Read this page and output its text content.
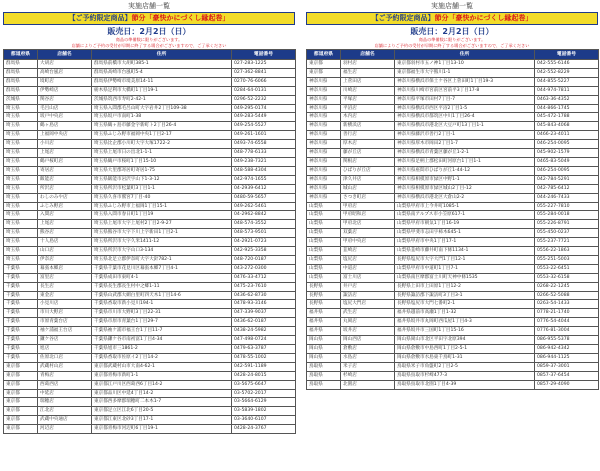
実施店舗一覧
【ご予約限定商品】節分「豪快かにづくし縁起巻」
販売日：2月2日（日）
商品の準備数に限りがございます。
店舗によりご予約の受付が早期に終了する場合がございますので、ご了承ください
都道府県	店舗名	住所	電話番号
群馬県	大胡店	群馬県前橋市大胡町385-1	027-283-1225
群馬県	高崎台風店	群馬県高崎市台風町5-4	027-362-8841
群馬県	境町店	群馬県伊勢崎市境美原14-11	0270-76-6066
群馬県	伊勢崎店	栃木県足利市大橋町1丁目19-1	0284-64-0131
茨城県	関谷店	茨城県筑西市寿町2-42-1	0296-52-2232
埼玉県	毛呂山店	埼玉県入間郡毛呂山町大字岩井2丁目109-38	049-295-0174
埼玉県	坂戸中央店	埼玉県坂戸市南町1-38	049-283-5449
埼玉県	鶴ヶ島店	埼玉県鶴ヶ島市藤金字新町ト2丁目26-4	049-254-5527
埼玉県	上福岡中央店	埼玉県ふじみ野市福岡中央1丁目2-17	049-261-1601
埼玉県	小川店	埼玉県比企郡小川町大字大塚1722-2	0493-74-6558
埼玉県	上尾店	埼玉県上尾市日の出北1-1-1	048-778-6133
埼玉県	鶴戸桜町店	埼玉県鶴戸市桜町1丁目15-10	049-238-7321
埼玉県	寄居店	埼玉県大里郡寄居町寄居1-75	048-588-4304
埼玉県	飯能店	埼玉県飯能市岩沢字山下1-3-12	042-974-1655
埼玉県	所沢店	埼玉県所沢市松葉町3丁目1-1	04-2939-6412
埼玉県	わしのみや店	埼玉県久喜市鷲宮7丁目-40	0480-59-5657
埼玉県	ふじみ野店	埼玉県ふじみ野市上福岡1丁目15-1	049-262-5461
埼玉県	入間店	埼玉県入間市春日町1丁目19	04-2962-8842
埼玉県	上尾店	埼玉県上尾市大字上尾村2丁目2-9-27	048-574-3552
埼玉県	熊谷店	埼玉県熊谷市大字下川上字新田1丁目2-1	048-573-9501
埼玉県	十人島店	埼玉県所沢市大字久米1411-12	04-2921-0723
埼玉県	山口店	埼玉県所沢市大字山口3-134	042-925-3358
埼玉県	伊奈店	埼玉県北足立郡伊奈町大字大針782-1	048-720-0187
千葉県	幕張本郷店	千葉県千葉市花見川区幕張本郷7丁目4-1	043-272-0300
千葉県	富里店	千葉県成田市東町4-1	0476-33-4712
千葉県	長生店	千葉県長生郡長生村中之郷1-11	0475-23-7610
千葉県	東金店	千葉県山武郡大網白里町四天木1丁目14-6	0436-62-8730
千葉県	小見川店	千葉県香取市新小見川194-1	0478-93-3146
千葉県	市川大野店	千葉県市川市大野町3丁目22-31	047-339-9037
千葉県	市原青葉台店	千葉県市原市青葉台1丁目29-7	0436-62-0187
千葉県	袖ケ浦福王台店	千葉県袖ケ浦市福王台1丁目11-7	0438-24-5982
千葉県	鎌ケ谷店	千葉県鎌ケ谷市南初富1丁目4-34	047-498-0724
千葉県	旭店	千葉県旭市三1861-2	0479-63-3787
千葉県	佐原北口店	千葉県香取市佐原イ2丁目14-2	0478-55-1002
東京都	武蔵村山店	東京都武蔵村山市大南4-62-1	042-591-1189
東京都	青梅店	東京都青梅市新町1-1	0428-24-8015
東京都	西葛西店	東京都江戸川区西葛西6丁目14-2	03-5675-6647
東京都	中延店	東京都品川区中延4丁目14-2	03-5702-2017
東京都	瑞穂店	東京都西多摩郡瑞穂町二本木1-7	03-5664-6129
東京都	江北店	東京都足立区江北6丁目20-5	03-5839-1802
東京都	武蔵中央通店	東京都江東区北砂3丁目17-1	03-3640-6107
東京都	河辺店	東京都青梅市河辺町6丁目19-1	0428-24-3767
実施店舗一覧
【ご予約限定商品】節分「豪快かにづくし縁起巻」
販売日：2月2日（日）
商品の準備数に限りがございます。
店舗によりご予約の受付が早期に終了する場合がございますので、ご了承ください
都道府県	店舗名	住所	電話番号
東京都	羽村店	東京都羽村市五ノ神1丁目13-10	042-555-6146
東京都	福生店	東京都福生市大字熊川1-1	042-552-8229
神奈川県	上菅田店	神奈川県横浜市保土ケ谷区上菅田町1丁目19-3	044-855-5227
神奈川県	川崎店	神奈川県川崎市宮前区宮前平3丁目17-8	044-974-7811
神奈川県	平塚店	神奈川県平塚市田村7丁目-7	0463-36-4352
神奈川県	平沼店	神奈川県横浜市西区平沼2丁目1-5	044-866-1745
神奈川県	木内店	神奈川県横浜市都筑区中川1丁目26-4	045-472-1788
神奈川県	新横浜店	神奈川県横浜市港北区大豆戸町13丁目1-1	045-843-4068
神奈川県	善行店	神奈川県藤沢市善行2丁目-1	0466-23-4011
神奈川県	厚木店	神奈川県厚木市岡田2丁目1-7	046-254-0095
神奈川県	藤が丘店	神奈川県横浜市青葉区藤が丘1-2-1	045-902-1579
神奈川県	関根店	神奈川県足柄上郡松田町河原台1丁目1-1	0465-83-5049
神奈川県	ひばりが丘店	神奈川県座間市ひばりが丘1-44-12	046-254-0095
神奈川県	津久井店	神奈川県相模原市緑区中野1-1	042-784-5291
神奈川県	城山店	神奈川県相模原市緑区城山2丁目-12	042-785-6412
神奈川県	さつき町店	神奈川県横浜市港北区大倉山2-2	044-246-7433
山梨県	甲府店	山梨県甲府市上今井町1085-1	055-227-7810
山梨県	甲府昭和店	山梨県南アルプス市小笠原617-1	055-284-0018
山梨県	甲府北店	山梨県甲府市朝気1丁目16-19	055-226-8791
山梨県	双葉店	山梨県甲斐市志田字柿木645-1	055-450-0237
山梨県	甲府中央店	山梨県甲府市中央1丁目17-1	055-237-7721
山梨県	韮崎店	山梨県韮崎市藤井町南下條1134-1	0556-22-1863
山梨県	塩尻店	長野県塩尻市大字大門1丁目12-1	055-251-5003
山梨県	中道店	山梨県甲府市中道町1丁目7-1	0553-22-6451
山梨県	富士川店	山梨県南巨摩郡富士川町天神中條1535	0553-32-6158
長野県	井戸店	長野県上田市上田原1丁目12-2	0268-22-1245
長野県	諏訪店	長野県諏訪郡下諏訪町3丁目3-1	0266-52-5088
長野県	塩尻大門店	長野県塩尻市大門七番町2-1	0263-54-1433
福井県	武生店	福井県越前市高瀬1丁目1-32	0778-21-1740
福井県	丸岡店	福井県坂井市丸岡町西瓜屋1丁目4-3	0776-54-4044
福井県	坂井店	福井県坂井市三国町1丁目15-16	0776-81-3004
岡山県	岡山西店	岡山県岡山市北区平田字北原394	086-955-5378
岡山県	倉敷店	岡山県倉敷市中島西町1丁目2-5-1	086-942-4342
岡山県	水島店	岡山県倉敷市水島東千鳥町1-31	086-944-1125
鳥取県	米子店	鳥取県米子市角盤町2丁目2-5	0859-37-3001
鳥取県	杉崎店	鳥取県鳥取市杉崎477-3	0857-37-6454
鳥取県	北園店	鳥取県鳥取市北園1丁目4-39	0857-29-4090
